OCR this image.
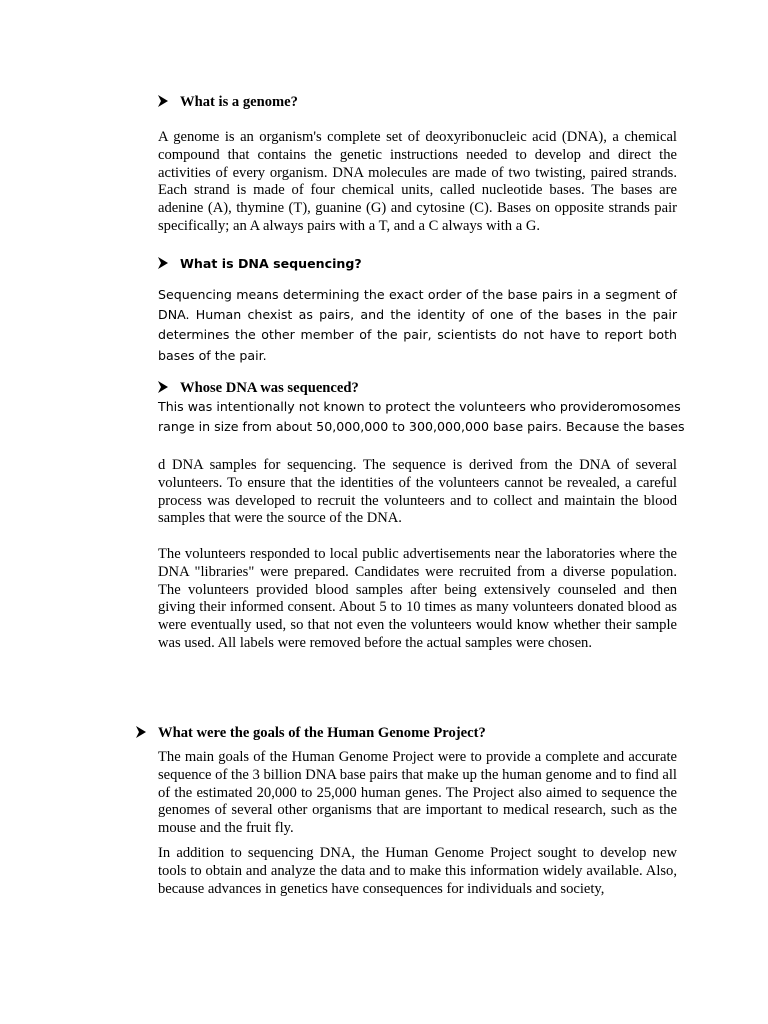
What is a genome?

A genome is an organism's complete set of deoxyribonucleic acid (DNA), a chemical compound that contains the genetic instructions needed to develop and direct the activities of every organism. DNA molecules are made of two twisting, paired strands. Each strand is made of four chemical units, called nucleotide bases. The bases are adenine (A), thymine (T), guanine (G) and cytosine (C). Bases on opposite strands pair specifically; an A always pairs with a T, and a C always with a G.

What is DNA sequencing?

Sequencing means determining the exact order of the base pairs in a segment of DNA. Human chexist as pairs, and the identity of one of the bases in the pair determines the other member of the pair, scientists do not have to report both bases of the pair.

Whose DNA was sequenced?

This was intentionally not known to protect the volunteers who provideromosomes
range in size from about 50,000,000 to 300,000,000 base pairs. Because the bases

d DNA samples for sequencing. The sequence is derived from the DNA of several volunteers. To ensure that the identities of the volunteers cannot be revealed, a careful process was developed to recruit the volunteers and to collect and maintain the blood samples that were the source of the DNA.

The volunteers responded to local public advertisements near the laboratories where the DNA "libraries" were prepared. Candidates were recruited from a diverse population. The volunteers provided blood samples after being extensively counseled and then giving their informed consent. About 5 to 10 times as many volunteers donated blood as were eventually used, so that not even the volunteers would know whether their sample was used. All labels were removed before the actual samples were chosen.

What were the goals of the Human Genome Project?

The main goals of the Human Genome Project were to provide a complete and accurate sequence of the 3 billion DNA base pairs that make up the human genome and to find all of the estimated 20,000 to 25,000 human genes. The Project also aimed to sequence the genomes of several other organisms that are important to medical research, such as the mouse and the fruit fly.

In addition to sequencing DNA, the Human Genome Project sought to develop new tools to obtain and analyze the data and to make this information widely available. Also, because advances in genetics have consequences for individuals and society,
